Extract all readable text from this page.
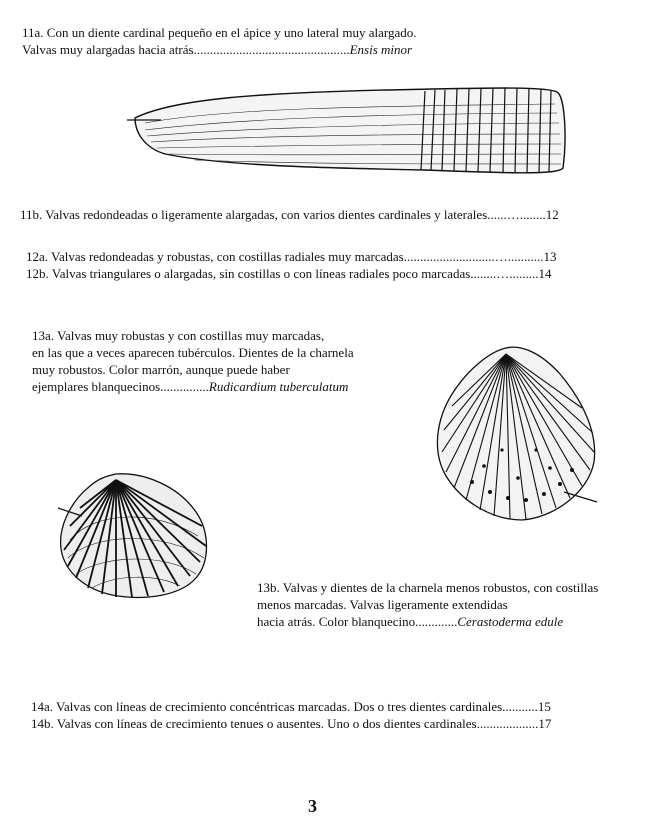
11a. Con un diente cardinal pequeño en el ápice y uno lateral muy alargado.
Valvas muy alargadas hacia atrás................................................Ensis minor
11b. Valvas redondeadas o ligeramente alargadas, con varios dientes cardinales y laterales......…........12
12a. Valvas redondeadas y robustas, con costillas radiales muy marcadas............................…...........13
12b. Valvas triangulares o alargadas, sin costillas o con líneas radiales poco marcadas........….........14
13a. Valvas muy robustas y con costillas muy marcadas,
en las que a veces aparecen tubérculos. Dientes de la charnela
muy robustos. Color marrón, aunque puede haber
ejemplares blanquecinos...............Rudicardium tuberculatum
13b. Valvas y dientes de la charnela menos robustos, con costillas
menos marcadas. Valvas ligeramente extendidas
hacia atrás. Color blanquecino.............Cerastoderma edule
14a. Valvas con líneas de crecimiento concéntricas marcadas. Dos o tres dientes cardinales...........15
14b. Valvas con líneas de crecimiento tenues o ausentes. Uno o dos dientes cardinales...................17
3
